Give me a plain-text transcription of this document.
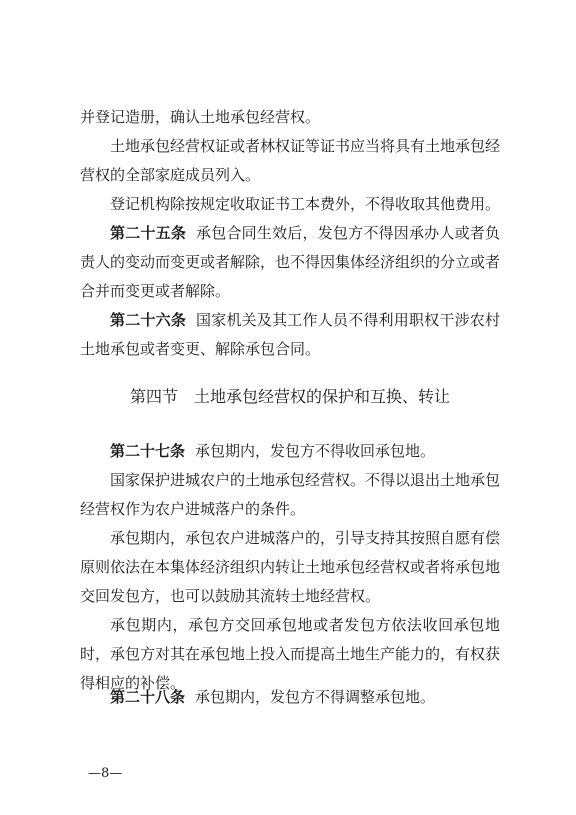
并登记造册，确认土地承包经营权。

土地承包经营权证或者林权证等证书应当将具有土地承包经营权的全部家庭成员列入。

登记机构除按规定收取证书工本费外，不得收取其他费用。

第二十五条 承包合同生效后，发包方不得因承办人或者负责人的变动而变更或者解除，也不得因集体经济组织的分立或者合并而变更或者解除。

第二十六条 国家机关及其工作人员不得利用职权干涉农村土地承包或者变更、解除承包合同。

第四节 土地承包经营权的保护和互换、转让

第二十七条 承包期内，发包方不得收回承包地。

国家保护进城农户的土地承包经营权。不得以退出土地承包经营权作为农户进城落户的条件。

承包期内，承包农户进城落户的，引导支持其按照自愿有偿原则依法在本集体经济组织内转让土地承包经营权或者将承包地交回发包方，也可以鼓励其流转土地经营权。

承包期内，承包方交回承包地或者发包方依法收回承包地时，承包方对其在承包地上投入而提高土地生产能力的，有权获得相应的补偿。

第二十八条 承包期内，发包方不得调整承包地。

—8—
